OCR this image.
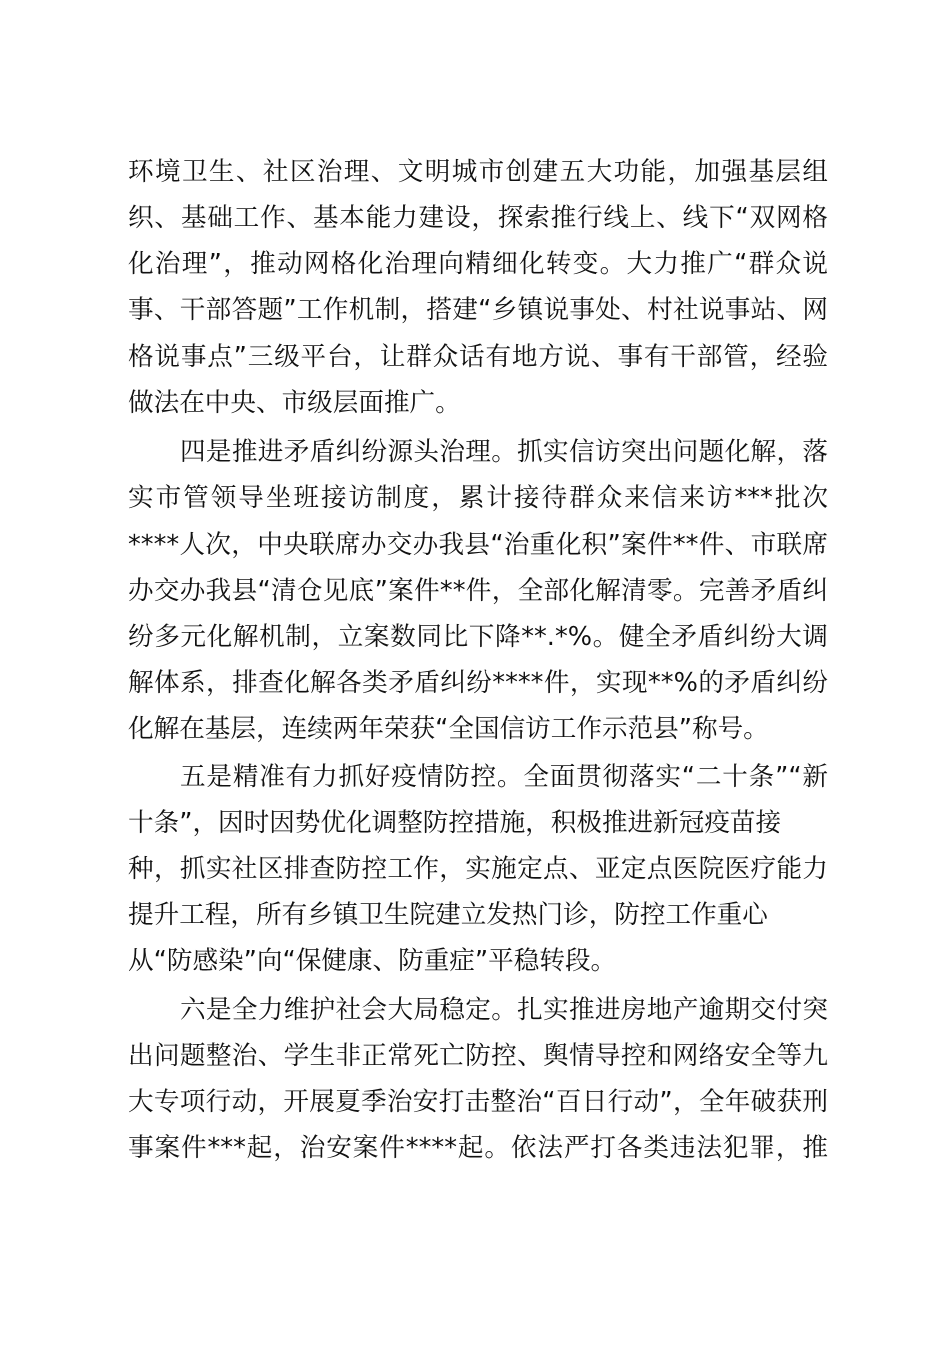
环境卫生、社区治理、文明城市创建五大功能，加强基层组
织、基础工作、基本能力建设，探索推行线上、线下“双网格
化治理”，推动网格化治理向精细化转变。大力推广“群众说
事、干部答题”工作机制，搭建“乡镇说事处、村社说事站、网
格说事点”三级平台，让群众话有地方说、事有干部管，经验
做法在中央、市级层面推广。
四是推进矛盾纠纷源头治理。抓实信访突出问题化解，落
实市管领导坐班接访制度，累计接待群众来信来访***批次
****人次，中央联席办交办我县“治重化积”案件**件、市联席
办交办我县“清仓见底”案件**件，全部化解清零。完善矛盾纠
纷多元化解机制，立案数同比下降**.*%。健全矛盾纠纷大调
解体系，排查化解各类矛盾纠纷****件，实现**%的矛盾纠纷
化解在基层，连续两年荣获“全国信访工作示范县”称号。
五是精准有力抓好疫情防控。全面贯彻落实“二十条”“新
十条”，因时因势优化调整防控措施，积极推进新冠疫苗接
种，抓实社区排查防控工作，实施定点、亚定点医院医疗能力
提升工程，所有乡镇卫生院建立发热门诊，防控工作重心
从“防感染”向“保健康、防重症”平稳转段。
六是全力维护社会大局稳定。扎实推进房地产逾期交付突
出问题整治、学生非正常死亡防控、舆情导控和网络安全等九
大专项行动，开展夏季治安打击整治“百日行动”，全年破获刑
事案件***起，治安案件****起。依法严打各类违法犯罪，推
